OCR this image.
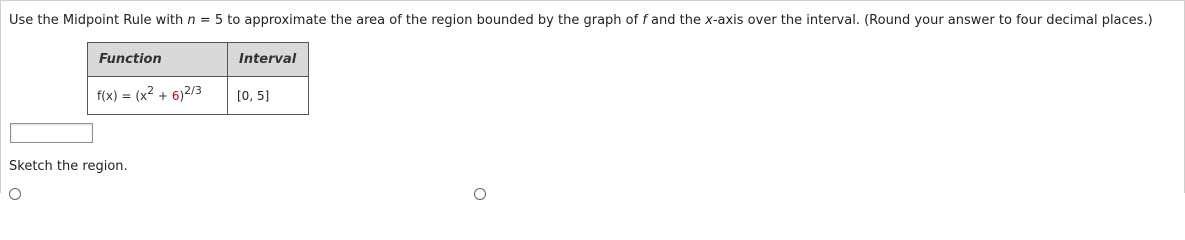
Use the Midpoint Rule with n = 5 to approximate the area of the region bounded by the graph of f and the x-axis over the interval. (Round your answer to four decimal places.)
Function	Interval
$f(x) = (x^2 + 6)^{2/3}$	[0, 5]
Sketch the region.
